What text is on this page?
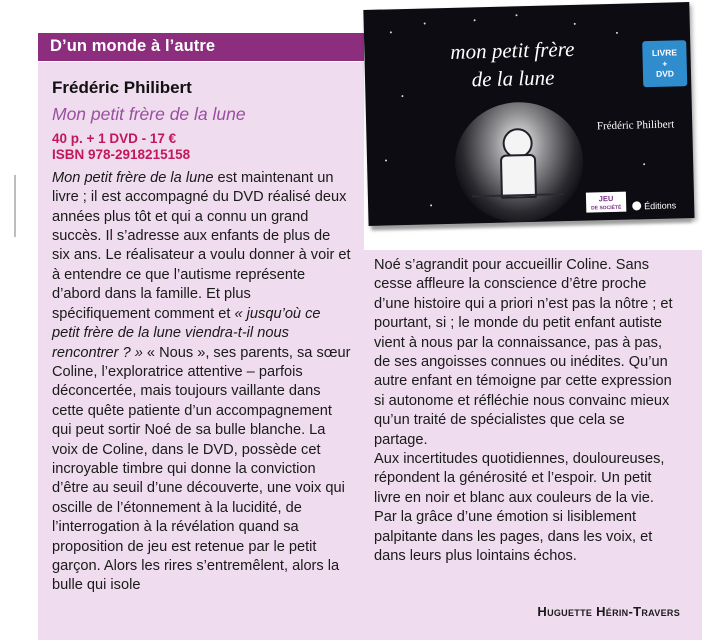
D’un monde à l’autre	mon petit frère
de la lune
Frédéric Philibert
LIVRE
+
DVD
JEU
DE SOCIÉTÉ	Éditions
Frédéric Philibert
Mon petit frère de la lune
40 p. + 1 DVD - 17 €
ISBN 978-2918215158
Mon petit frère de la lune est maintenant un livre ; il est accompagné du DVD réalisé deux années plus tôt et qui a connu un grand succès. Il s’adresse aux enfants de plus de six ans. Le réalisateur a voulu donner à voir et à entendre ce que l’autisme représente d’abord dans la famille. Et plus spécifiquement comment et « jusqu’où ce petit frère de la lune viendra-t-il nous rencontrer ? » « Nous », ses parents, sa sœur Coline, l’exploratrice attentive – parfois déconcertée, mais toujours vaillante dans cette quête patiente d’un accompagnement qui peut sortir Noé de sa bulle blanche. La voix de Coline, dans le DVD, possède cet incroyable timbre qui donne la conviction d’être au seuil d’une découverte, une voix qui oscille de l’étonnement à la lucidité, de l’interrogation à la révélation quand sa proposition de jeu est retenue par le petit garçon. Alors les rires s’entremêlent, alors la bulle qui isole
Noé s’agrandit pour accueillir Coline. Sans cesse affleure la conscience d’être proche d’une histoire qui a priori n’est pas la nôtre ; et pourtant, si ; le monde du petit enfant autiste vient à nous par la connaissance, pas à pas, de ses angoisses connues ou inédites. Qu’un autre enfant en témoigne par cette expression si autonome et réfléchie nous convainc mieux qu’un traité de spécialistes que cela se partage.
Aux incertitudes quotidiennes, douloureuses, répondent la générosité et l’espoir. Un petit livre en noir et blanc aux couleurs de la vie. Par la grâce d’une émotion si lisiblement palpitante dans les pages, dans les voix, et dans leurs plus lointains échos.
Huguette Hérin-Travers
